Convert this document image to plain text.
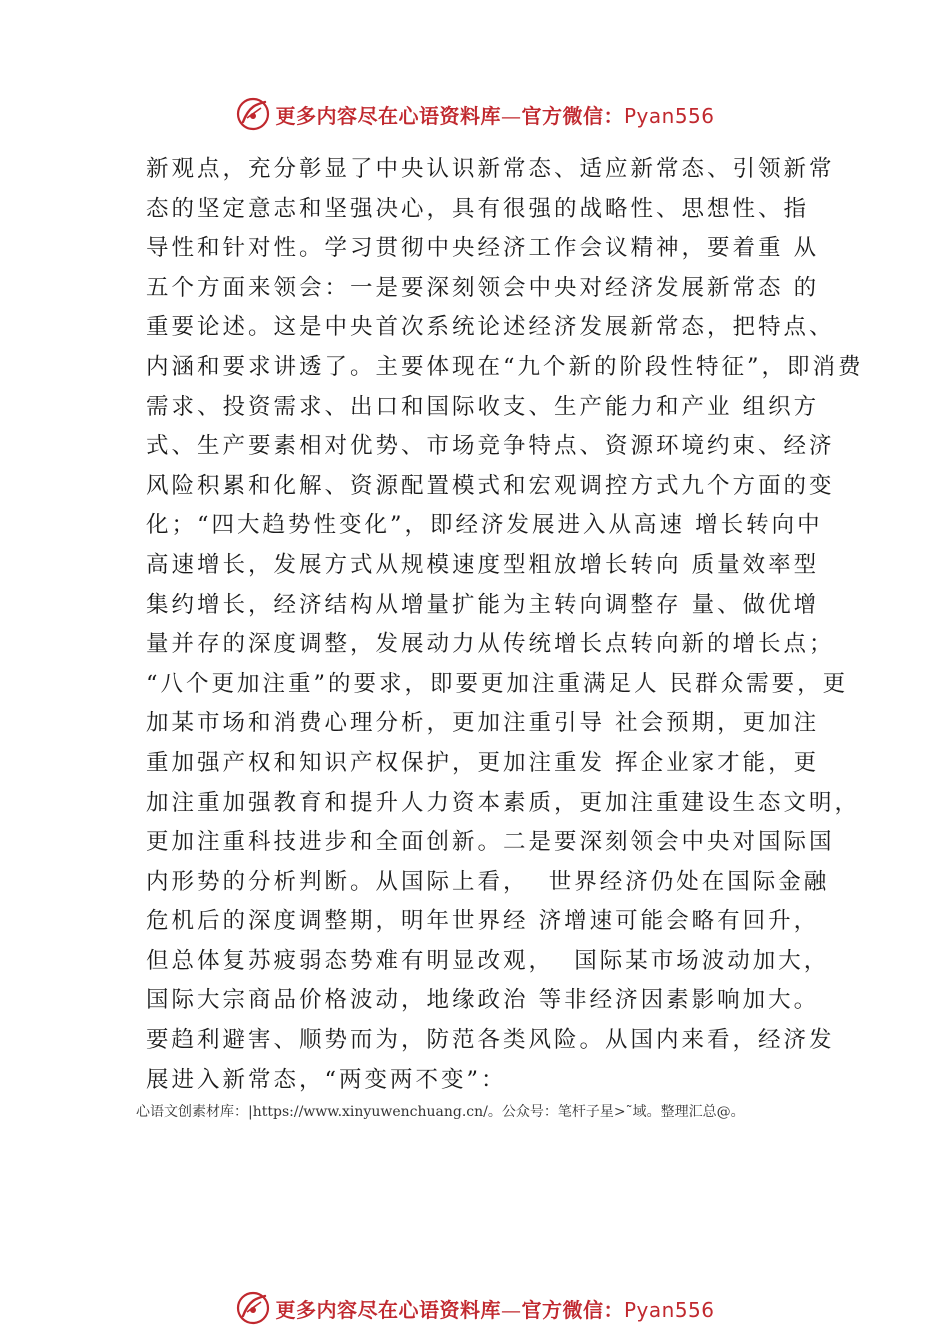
更多内容尽在心语资料库—官方微信：Pyan556
新观点，充分彰显了中央认识新常态、适应新常态、引领新常
态的坚定意志和坚强决心，具有很强的战略性、思想性、指
导性和针对性。学习贯彻中央经济工作会议精神，要着重 从
五个方面来领会：一是要深刻领会中央对经济发展新常态 的
重要论述。这是中央首次系统论述经济发展新常态，把特点、
内涵和要求讲透了。主要体现在“九个新的阶段性特征”，即消费
需求、投资需求、出口和国际收支、生产能力和产业 组织方
式、生产要素相对优势、市场竞争特点、资源环境约束、经济
风险积累和化解、资源配置模式和宏观调控方式九个方面的变
化；“四大趋势性变化”，即经济发展进入从高速 增长转向中
高速增长，发展方式从规模速度型粗放增长转向 质量效率型
集约增长，经济结构从增量扩能为主转向调整存 量、做优增
量并存的深度调整，发展动力从传统增长点转向新的增长点；
“八个更加注重”的要求，即要更加注重满足人 民群众需要，更
加某市场和消费心理分析，更加注重引导 社会预期，更加注
重加强产权和知识产权保护，更加注重发 挥企业家才能，更
加注重加强教育和提升人力资本素质，更加注重建设生态文明，
更加注重科技进步和全面创新。二是要深刻领会中央对国际国
内形势的分析判断。从国际上看，  世界经济仍处在国际金融
危机后的深度调整期，明年世界经 济增速可能会略有回升，
但总体复苏疲弱态势难有明显改观，  国际某市场波动加大，
国际大宗商品价格波动，地缘政治 等非经济因素影响加大。
要趋利避害、顺势而为，防范各类风险。从国内来看，经济发
展进入新常态，“两变两不变”：
心语文创素材库：|https://www.xinyuwenchuang.cn/。公众号：笔杆子星>˜域。整理汇总@。
更多内容尽在心语资料库—官方微信：Pyan556
